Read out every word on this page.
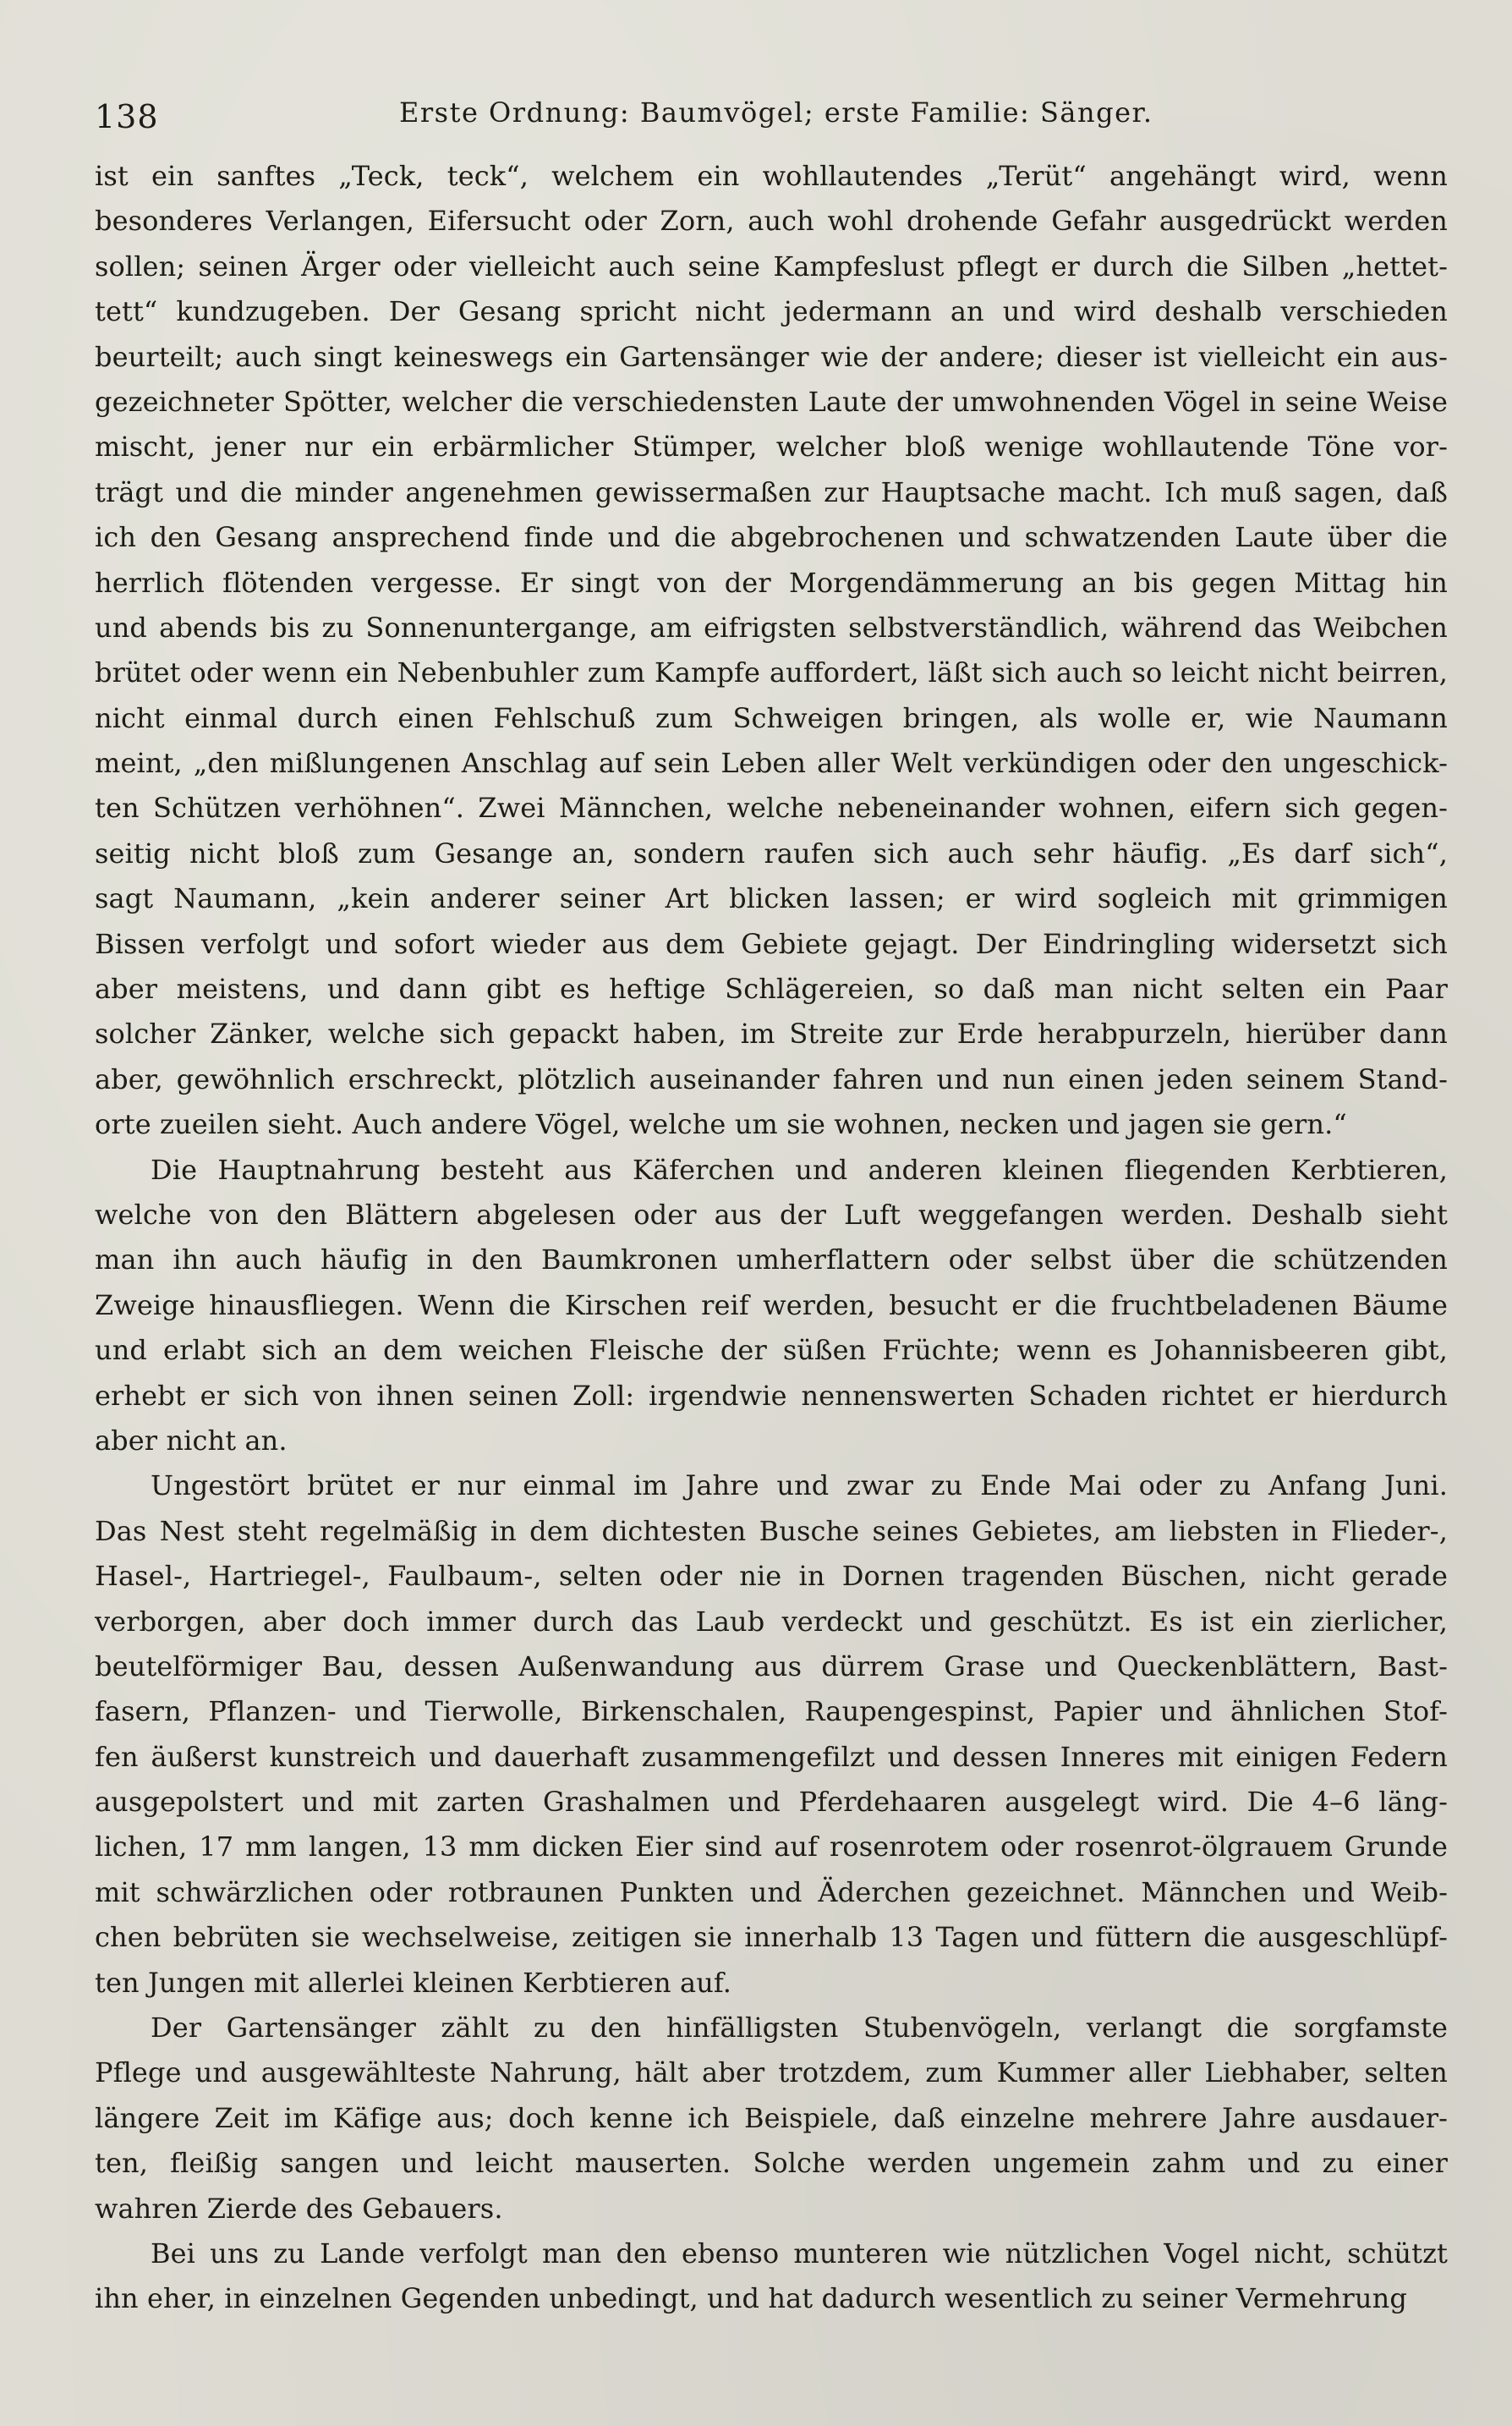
138	Erste Ordnung: Baumvögel; erste Familie: Sänger.
ist ein sanftes „Teck, teck“, welchem ein wohllautendes „Terüt“ angehängt wird, wenn
besonderes Verlangen, Eifersucht oder Zorn, auch wohl drohende Gefahr ausgedrückt werden
sollen; seinen Ärger oder vielleicht auch seine Kampfeslust pflegt er durch die Silben „hettet-
tett“ kundzugeben. Der Gesang spricht nicht jedermann an und wird deshalb verschieden
beurteilt; auch singt keineswegs ein Gartensänger wie der andere; dieser ist vielleicht ein aus-
gezeichneter Spötter, welcher die verschiedensten Laute der umwohnenden Vögel in seine Weise
mischt, jener nur ein erbärmlicher Stümper, welcher bloß wenige wohllautende Töne vor-
trägt und die minder angenehmen gewissermaßen zur Hauptsache macht. Ich muß sagen, daß
ich den Gesang ansprechend finde und die abgebrochenen und schwatzenden Laute über die
herrlich flötenden vergesse. Er singt von der Morgendämmerung an bis gegen Mittag hin
und abends bis zu Sonnenuntergange, am eifrigsten selbstverständlich, während das Weibchen
brütet oder wenn ein Nebenbuhler zum Kampfe auffordert, läßt sich auch so leicht nicht beirren,
nicht einmal durch einen Fehlschuß zum Schweigen bringen, als wolle er, wie Naumann
meint, „den mißlungenen Anschlag auf sein Leben aller Welt verkündigen oder den ungeschick-
ten Schützen verhöhnen“. Zwei Männchen, welche nebeneinander wohnen, eifern sich gegen-
seitig nicht bloß zum Gesange an, sondern raufen sich auch sehr häufig. „Es darf sich“,
sagt Naumann, „kein anderer seiner Art blicken lassen; er wird sogleich mit grimmigen
Bissen verfolgt und sofort wieder aus dem Gebiete gejagt. Der Eindringling widersetzt sich
aber meistens, und dann gibt es heftige Schlägereien, so daß man nicht selten ein Paar
solcher Zänker, welche sich gepackt haben, im Streite zur Erde herabpurzeln, hierüber dann
aber, gewöhnlich erschreckt, plötzlich auseinander fahren und nun einen jeden seinem Stand-
orte zueilen sieht. Auch andere Vögel, welche um sie wohnen, necken und jagen sie gern.“
Die Hauptnahrung besteht aus Käferchen und anderen kleinen fliegenden Kerbtieren,
welche von den Blättern abgelesen oder aus der Luft weggefangen werden. Deshalb sieht
man ihn auch häufig in den Baumkronen umherflattern oder selbst über die schützenden
Zweige hinausfliegen. Wenn die Kirschen reif werden, besucht er die fruchtbeladenen Bäume
und erlabt sich an dem weichen Fleische der süßen Früchte; wenn es Johannisbeeren gibt,
erhebt er sich von ihnen seinen Zoll: irgendwie nennenswerten Schaden richtet er hierdurch
aber nicht an.
Ungestört brütet er nur einmal im Jahre und zwar zu Ende Mai oder zu Anfang Juni.
Das Nest steht regelmäßig in dem dichtesten Busche seines Gebietes, am liebsten in Flieder-,
Hasel-, Hartriegel-, Faulbaum-, selten oder nie in Dornen tragenden Büschen, nicht gerade
verborgen, aber doch immer durch das Laub verdeckt und geschützt. Es ist ein zierlicher,
beutelförmiger Bau, dessen Außenwandung aus dürrem Grase und Queckenblättern, Bast-
fasern, Pflanzen- und Tierwolle, Birkenschalen, Raupengespinst, Papier und ähnlichen Stof-
fen äußerst kunstreich und dauerhaft zusammengefilzt und dessen Inneres mit einigen Federn
ausgepolstert und mit zarten Grashalmen und Pferdehaaren ausgelegt wird. Die 4–6 läng-
lichen, 17 mm langen, 13 mm dicken Eier sind auf rosenrotem oder rosenrot-ölgrauem Grunde
mit schwärzlichen oder rotbraunen Punkten und Äderchen gezeichnet. Männchen und Weib-
chen bebrüten sie wechselweise, zeitigen sie innerhalb 13 Tagen und füttern die ausgeschlüpf-
ten Jungen mit allerlei kleinen Kerbtieren auf.
Der Gartensänger zählt zu den hinfälligsten Stubenvögeln, verlangt die sorgfamste
Pflege und ausgewählteste Nahrung, hält aber trotzdem, zum Kummer aller Liebhaber, selten
längere Zeit im Käfige aus; doch kenne ich Beispiele, daß einzelne mehrere Jahre ausdauer-
ten, fleißig sangen und leicht mauserten. Solche werden ungemein zahm und zu einer
wahren Zierde des Gebauers.
Bei uns zu Lande verfolgt man den ebenso munteren wie nützlichen Vogel nicht, schützt
ihn eher, in einzelnen Gegenden unbedingt, und hat dadurch wesentlich zu seiner Vermehrung
